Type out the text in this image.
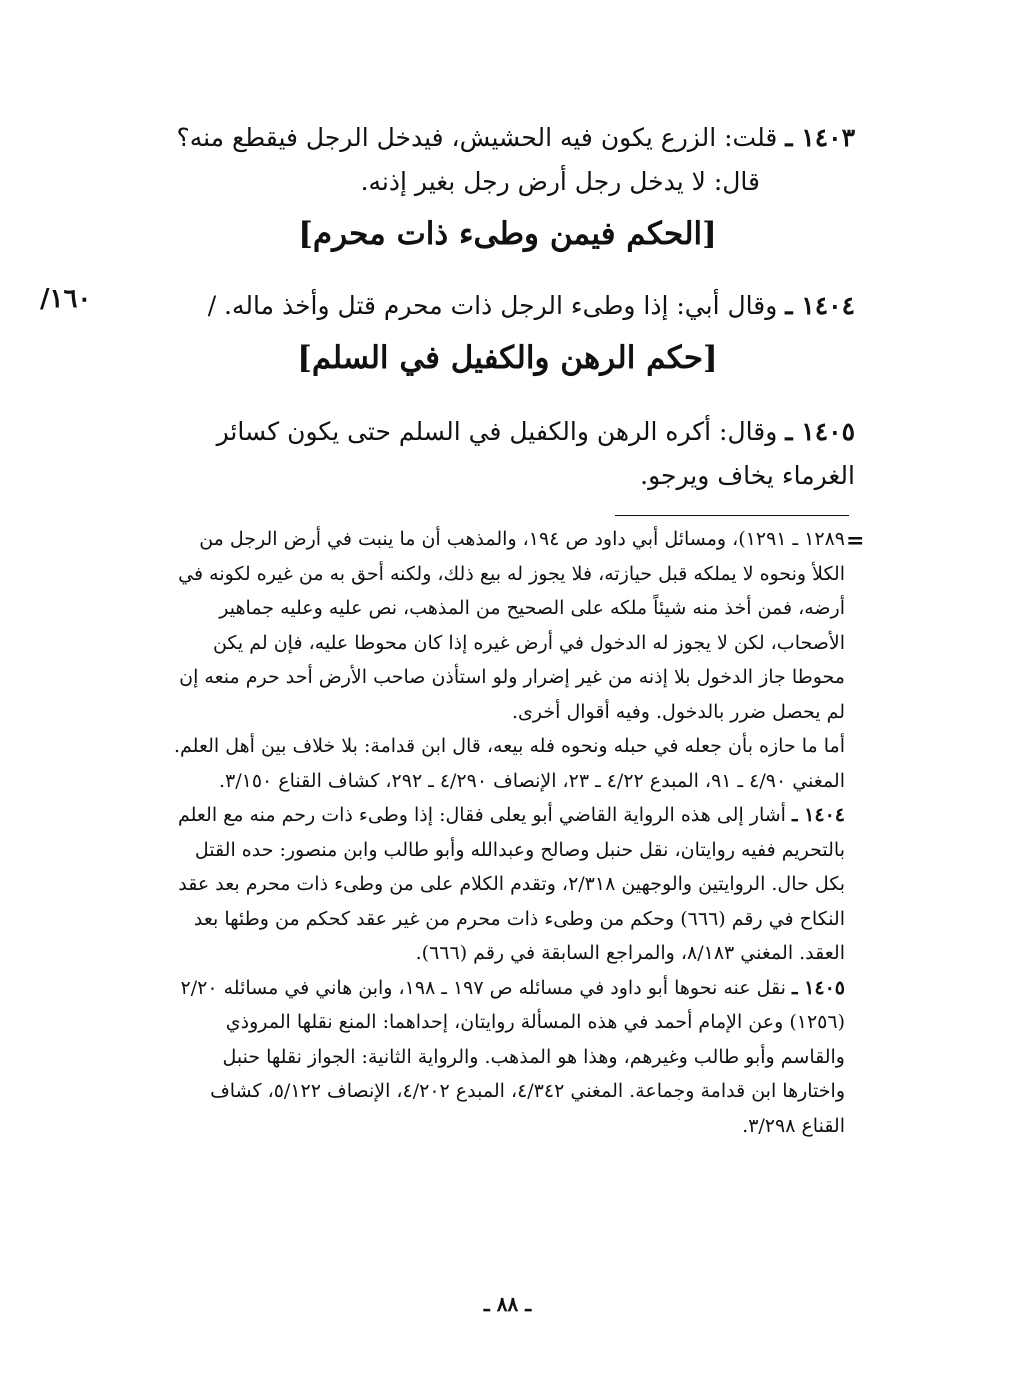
١٤٠٣ ـ قلت: الزرع يكون فيه الحشيش، فيدخل الرجل فيقطع منه؟

قال: لا يدخل رجل أرض رجل بغير إذنه.

[الحكم فيمن وطىء ذات محرم]
١٦٠/	١٤٠٤ ـ وقال أبي: إذا وطىء الرجل ذات محرم قتل وأخذ ماله. /

[حكم الرهن والكفيل في السلم]

١٤٠٥ ـ وقال: أكره الرهن والكفيل في السلم حتى يكون كسائر الغرماء يخاف ويرجو.

=

١٢٨٩ ـ ١٢٩١)، ومسائل أبي داود ص ١٩٤، والمذهب أن ما ينبت في أرض الرجل من الكلأ ونحوه لا يملكه قبل حيازته، فلا يجوز له بيع ذلك، ولكنه أحق به من غيره لكونه في أرضه، فمن أخذ منه شيئاً ملكه على الصحيح من المذهب، نص عليه وعليه جماهير الأصحاب، لكن لا يجوز له الدخول في أرض غيره إذا كان محوطا عليه، فإن لم يكن محوطا جاز الدخول بلا إذنه من غير إضرار ولو استأذن صاحب الأرض أحد حرم منعه إن لم يحصل ضرر بالدخول. وفيه أقوال أخرى.

أما ما حازه بأن جعله في حبله ونحوه فله بيعه، قال ابن قدامة: بلا خلاف بين أهل العلم. المغني ٤/٩٠ ـ ٩١، المبدع ٤/٢٢ ـ ٢٣، الإنصاف ٤/٢٩٠ ـ ٢٩٢، كشاف القناع ٣/١٥٠.

١٤٠٤ ـ أشار إلى هذه الرواية القاضي أبو يعلى فقال: إذا وطىء ذات رحم منه مع العلم بالتحريم ففيه روايتان، نقل حنبل وصالح وعبدالله وأبو طالب وابن منصور: حده القتل بكل حال. الروايتين والوجهين ٢/٣١٨، وتقدم الكلام على من وطىء ذات محرم بعد عقد النكاح في رقم (٦٦٦) وحكم من وطىء ذات محرم من غير عقد كحكم من وطئها بعد العقد. المغني ٨/١٨٣، والمراجع السابقة في رقم (٦٦٦).

١٤٠٥ ـ نقل عنه نحوها أبو داود في مسائله ص ١٩٧ ـ ١٩٨، وابن هاني في مسائله ٢/٢٠ (١٢٥٦) وعن الإمام أحمد في هذه المسألة روايتان، إحداهما: المنع نقلها المروذي والقاسم وأبو طالب وغيرهم، وهذا هو المذهب. والرواية الثانية: الجواز نقلها حنبل واختارها ابن قدامة وجماعة. المغني ٤/٣٤٢، المبدع ٤/٢٠٢، الإنصاف ٥/١٢٢، كشاف القناع ٣/٢٩٨.

ـ ٨٨ ـ
